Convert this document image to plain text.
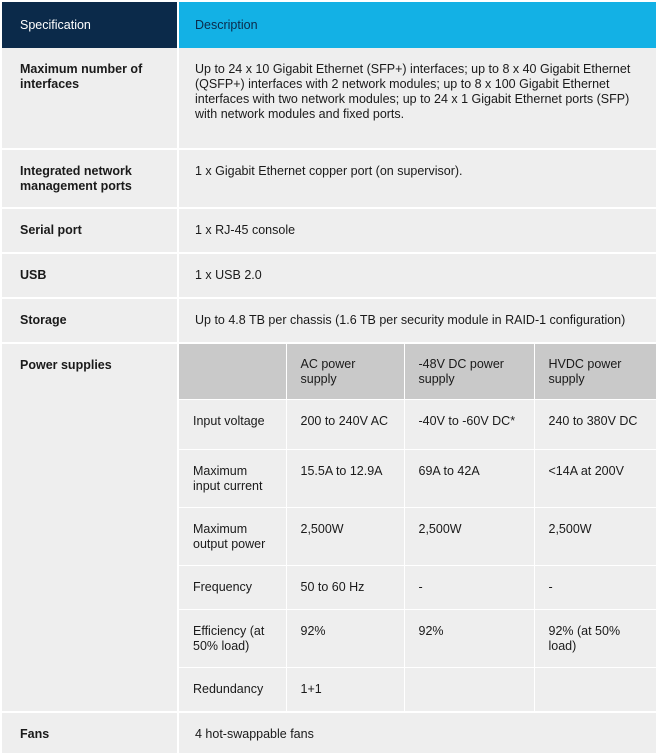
Specification	Description
Maximum number of interfaces	Up to 24 x 10 Gigabit Ethernet (SFP+) interfaces; up to 8 x 40 Gigabit Ethernet (QSFP+) interfaces with 2 network modules; up to 8 x 100 Gigabit Ethernet interfaces with two network modules; up to 24 x 1 Gigabit Ethernet ports (SFP) with network modules and fixed ports.
Integrated network management ports	1 x Gigabit Ethernet copper port (on supervisor).
Serial port	1 x RJ-45 console
USB	1 x USB 2.0
Storage	Up to 4.8 TB per chassis (1.6 TB per security module in RAID-1 configuration)
Power supplies	
		AC power supply	-48V DC power supply	HVDC power supply
Input voltage	200 to 240V AC	-40V to -60V DC*	240 to 380V DC
Maximum input current	15.5A to 12.9A	69A to 42A	<14A at 200V
Maximum output power	2,500W	2,500W	2,500W
Frequency	50 to 60 Hz	-	-
Efficiency (at 50% load)	92%	92%	92% (at 50% load)
Redundancy	1+1		

Fans	4 hot-swappable fans
